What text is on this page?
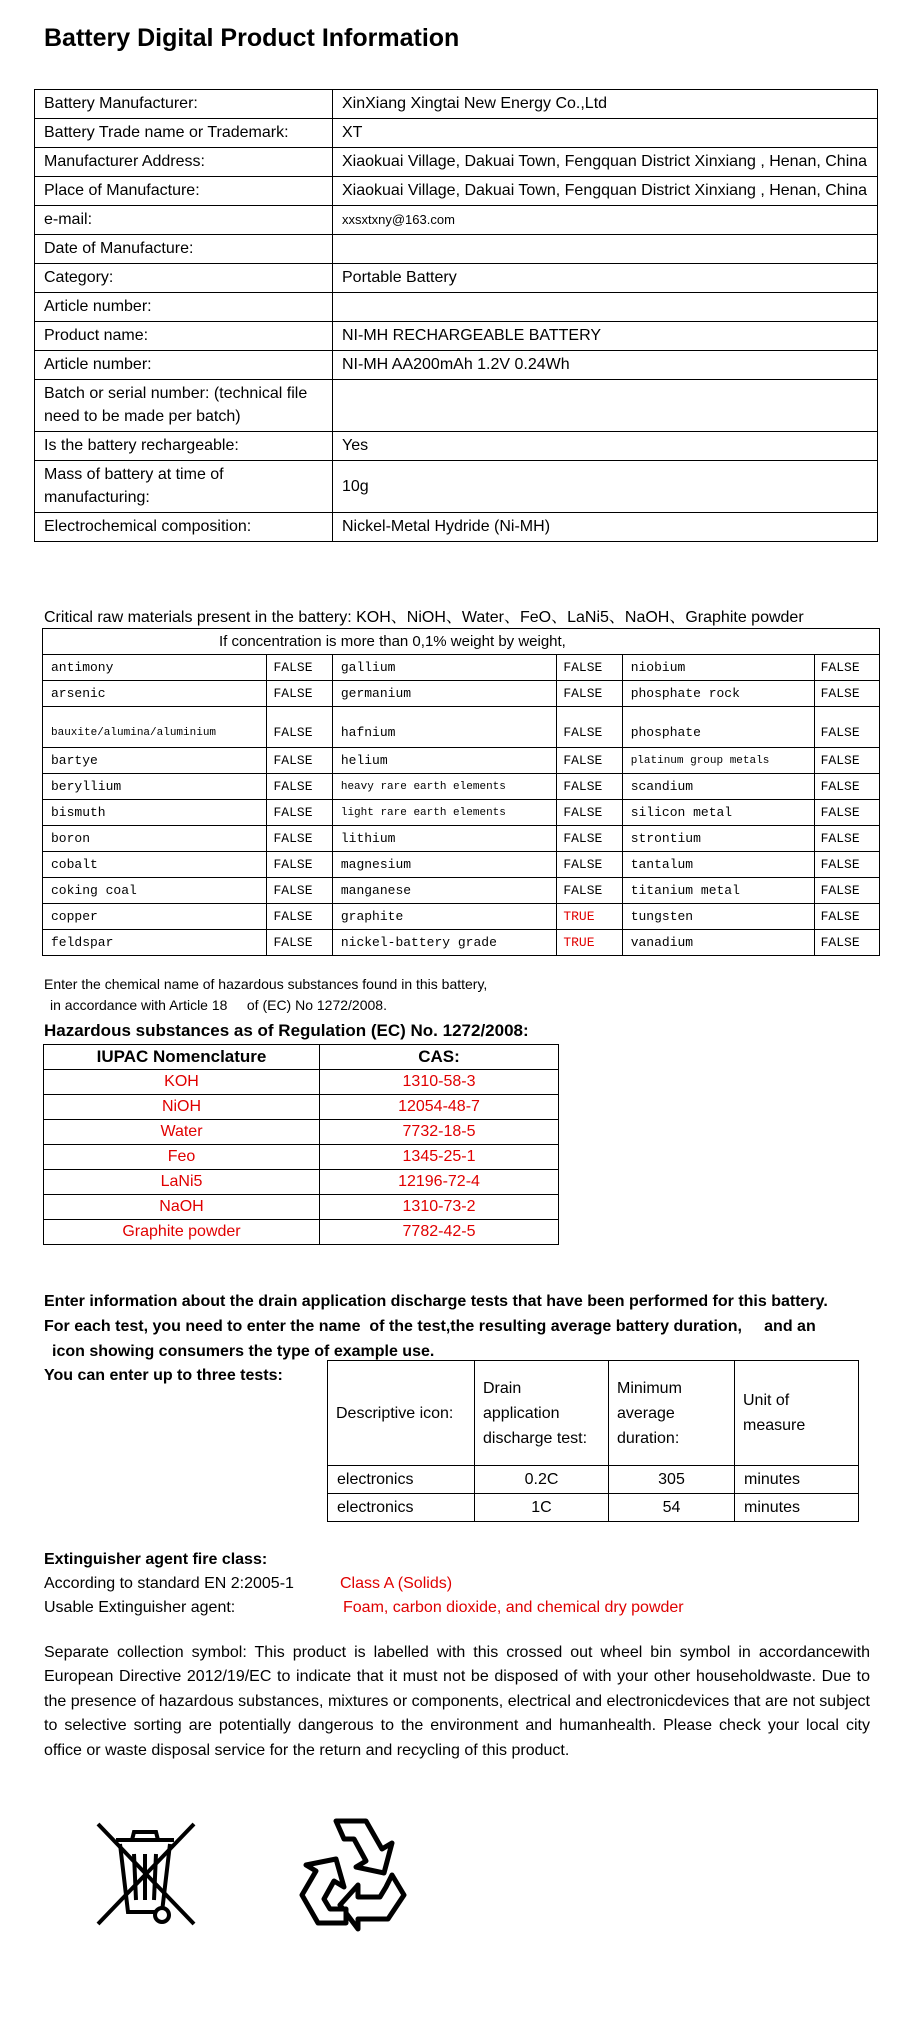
Battery Digital Product Information
Battery Manufacturer:	XinXiang Xingtai New Energy Co.,Ltd
Battery Trade name or Trademark:	XT
Manufacturer Address:	Xiaokuai Village, Dakuai Town, Fengquan District Xinxiang , Henan, China
Place of Manufacture:	Xiaokuai Village, Dakuai Town, Fengquan District Xinxiang , Henan, China
e-mail:	xxsxtxny@163.com
Date of Manufacture:	
Category:	Portable Battery
Article number:	
Product name:	NI-MH RECHARGEABLE BATTERY
Article number:	NI-MH AA200mAh 1.2V 0.24Wh
Batch or serial number: (technical file need to be made per batch)	
Is the battery rechargeable:	Yes
Mass of battery at time of manufacturing:	10g
Electrochemical composition:	Nickel-Metal Hydride (Ni-MH)
Critical raw materials present in the battery: KOH、NiOH、Water、FeO、LaNi5、NaOH、Graphite powder
If concentration is more than 0,1% weight by weight,					
antimony	FALSE	gallium	FALSE	niobium	FALSE
arsenic	FALSE	germanium	FALSE	phosphate rock	FALSE
bauxite/alumina/aluminium	FALSE	hafnium	FALSE	phosphate	FALSE
bartye	FALSE	helium	FALSE	platinum group metals	FALSE
beryllium	FALSE	heavy rare earth elements	FALSE	scandium	FALSE
bismuth	FALSE	light rare earth elements	FALSE	silicon metal	FALSE
boron	FALSE	lithium	FALSE	strontium	FALSE
cobalt	FALSE	magnesium	FALSE	tantalum	FALSE
coking coal	FALSE	manganese	FALSE	titanium metal	FALSE
copper	FALSE	graphite	TRUE	tungsten	FALSE
feldspar	FALSE	nickel-battery grade	TRUE	vanadium	FALSE
Enter the chemical name of hazardous substances found in this battery,
in accordance with Article 18     of (EC) No 1272/2008.
Hazardous substances as of Regulation (EC) No. 1272/2008:
IUPAC Nomenclature	CAS:
KOH	1310-58-3
NiOH	12054-48-7
Water	7732-18-5
Feo	1345-25-1
LaNi5	12196-72-4
NaOH	1310-73-2
Graphite powder	7782-42-5
Enter information about the drain application discharge tests that have been performed for this battery.
For each test, you need to enter the name  of the test,the resulting average battery duration,     and an
icon showing consumers the type of example use.
You can enter up to three tests:
Descriptive icon:	Drain application discharge test:	Minimum average duration:	Unit of measure
electronics	0.2C	305	minutes
electronics	1C	54	minutes
Extinguisher agent fire class:
According to standard EN 2:2005-1	Class A (Solids)
Usable Extinguisher agent:	Foam, carbon dioxide, and chemical dry powder
Separate collection symbol: This product is labelled with this crossed out wheel bin symbol in accordancewith European Directive 2012/19/EC to indicate that it must not be disposed of with your other householdwaste. Due to the presence of hazardous substances, mixtures or components, electrical and electronicdevices that are not subject to selective sorting are potentially dangerous to the environment and humanhealth. Please check your local city office or waste disposal service for the return and recycling of this product.
